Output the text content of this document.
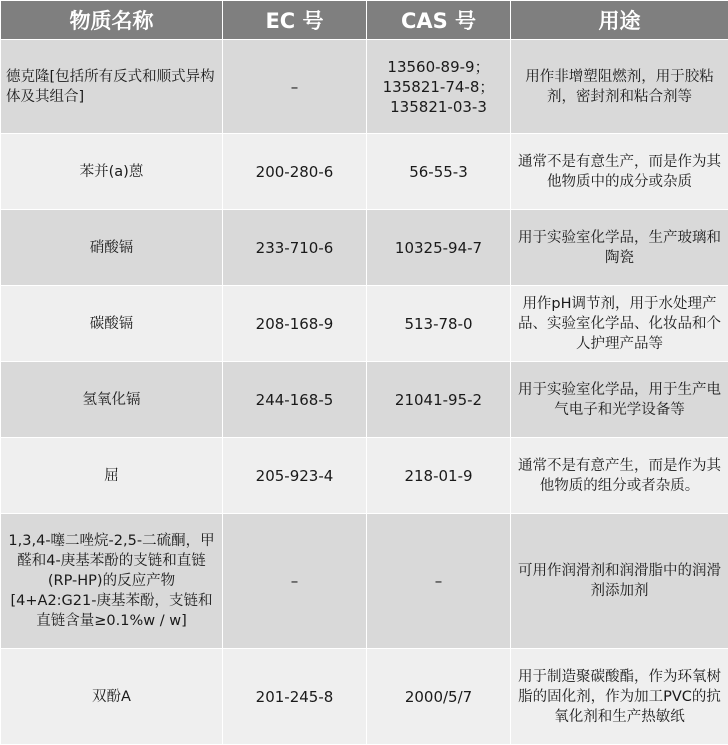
物质名称	EC 号	CAS 号	用途
德克隆[包括所有反式和顺式异构体及其组合]	–	13560-89-9；135821-74-8；135821-03-3	用作非增塑阻燃剂，用于胶粘剂，密封剂和粘合剂等
苯并(a)蒽	200-280-6	56-55-3	通常不是有意生产，而是作为其他物质中的成分或杂质
硝酸镉	233-710-6	10325-94-7	用于实验室化学品，生产玻璃和陶瓷
碳酸镉	208-168-9	513-78-0	用作pH调节剂，用于水处理产品、实验室化学品、化妆品和个人护理产品等
氢氧化镉	244-168-5	21041-95-2	用于实验室化学品，用于生产电气电子和光学设备等
屈	205-923-4	218-01-9	通常不是有意产生，而是作为其他物质的组分或者杂质。
1,3,4-噻二唑烷-2,5-二硫酮，甲醛和4-庚基苯酚的支链和直链(RP-HP)的反应产物[4+A2:G21-庚基苯酚，支链和直链含量≥0.1%w / w]	–	–	可用作润滑剂和润滑脂中的润滑剂添加剂
双酚A	201-245-8	2000/5/7	用于制造聚碳酸酯，作为环氧树脂的固化剂，作为加工PVC的抗氧化剂和生产热敏纸
